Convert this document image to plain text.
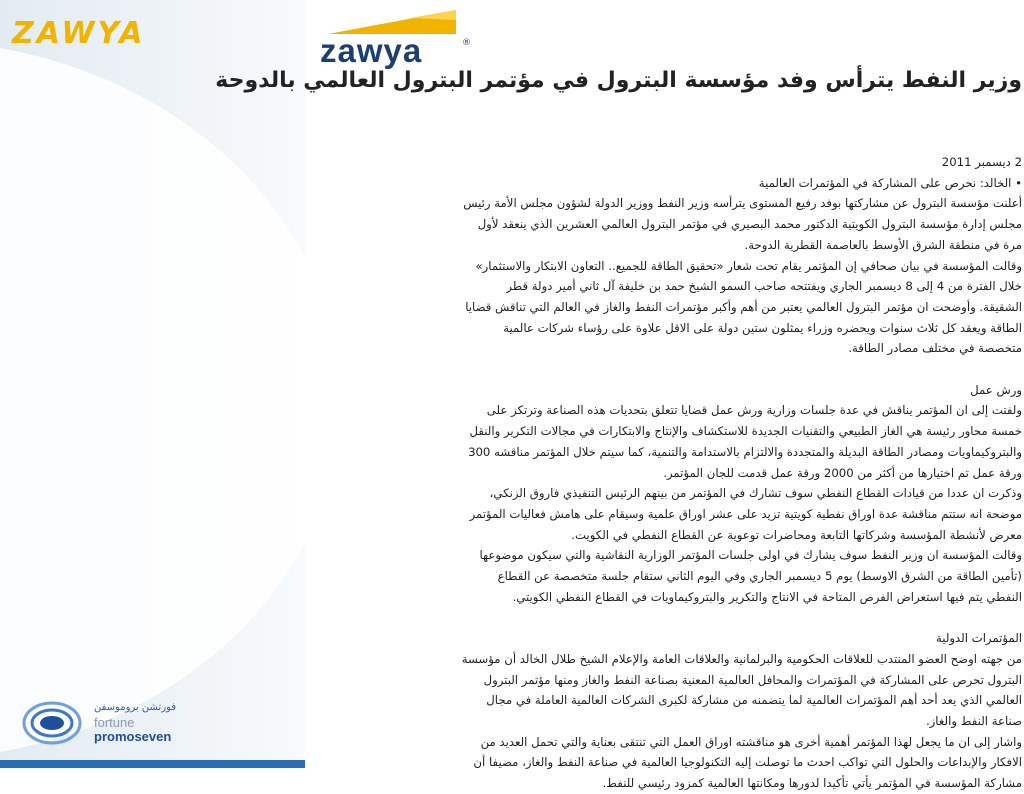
ZAWYA
فورتشن بروموسفن
fortune
promoseven
zawya	®
وزير النفط يترأس وفد مؤسسة البترول في مؤتمر البترول العالمي بالدوحة

2 ديسمبر 2011

• الخالد: نحرص على المشاركة في المؤتمرات العالمية

أعلنت مؤسسة البترول عن مشاركتها بوفد رفيع المستوى يترأسه وزير النفط ووزير الدولة لشؤون مجلس الأمة رئيس

مجلس إدارة مؤسسة البترول الكويتية الدكتور محمد البصيري في مؤتمر البترول العالمي العشرين الذي ينعقد لأول

مرة في منطقة الشرق الأوسط بالعاصمة القطرية الدوحة.

وقالت المؤسسة في بيان صحافي إن المؤتمر يقام تحت شعار «تحقيق الطاقة للجميع.. التعاون الابتكار والاستثمار»

خلال الفترة من 4 إلى 8 ديسمبر الجاري ويفتتحه صاحب السمو الشيخ حمد بن خليفة آل ثاني أمير دولة قطر

الشقيقة. وأوضحت ان مؤتمر البترول العالمي يعتبر من أهم وأكبر مؤتمرات النفط والغاز في العالم التي تناقش قضايا

الطاقة ويعقد كل ثلاث سنوات ويحضره وزراء يمثلون ستين دولة على الاقل علاوة على رؤساء شركات عالمية

متخصصة في مختلف مصادر الطاقة.

ورش عمل

ولفتت إلى ان المؤتمر يناقش في عدة جلسات وزارية ورش عمل قضايا تتعلق بتحديات هذه الصناعة وترتكز على

خمسة محاور رئيسة هي الغاز الطبيعي والتقنيات الجديدة للاستكشاف والإنتاج والابتكارات في مجالات التكرير والنقل

والبتروكيماويات ومصادر الطاقة البديلة والمتجددة والالتزام بالاستدامة والتنمية، كما سيتم خلال المؤتمر مناقشه 300

ورقة عمل تم اختيارها من أكثر من 2000 ورقة عمل قدمت للجان المؤتمر.

وذكرت ان عددا من قيادات القطاع النفطي سوف تشارك في المؤتمر من بينهم الرئيس التنفيذي فاروق الزنكي،

موضحة انه ستتم مناقشة عدة اوراق نفطية كويتية تزيد على عشر اوراق علمية وسيقام على هامش فعاليات المؤتمر

معرض لأنشطة المؤسسة وشركاتها التابعة ومحاضرات توعوية عن القطاع النفطي في الكويت.

وقالت المؤسسة ان وزير النفط سوف يشارك في اولى جلسات المؤتمر الوزارية النقاشية والتي سيكون موضوعها

(تأمين الطاقة من الشرق الاوسط) يوم 5 ديسمبر الجاري وفي اليوم الثاني ستقام جلسة متخصصة عن القطاع

النفطي يتم فيها استعراض الفرص المتاحة في الانتاج والتكرير والبتروكيماويات في القطاع النفطي الكويتي.

المؤتمرات الدولية

من جهته اوضح العضو المنتدب للعلاقات الحكومية والبرلمانية والعلاقات العامة والإعلام الشيخ طلال الخالد أن مؤسسة

البترول تحرص على المشاركة في المؤتمرات والمحافل العالمية المعنية بصناعة النفط والغاز ومنها مؤتمر البترول

العالمي الذي يعد أحد أهم المؤتمرات العالمية لما يتضمنه من مشاركة لكبرى الشركات العالمية العاملة في مجال

صناعة النفط والغاز.

واشار إلى ان ما يجعل لهذا المؤتمر أهمية أخرى هو مناقشته اوراق العمل التي تنتقى بعناية والتي تحمل العديد من

الافكار والإبداعات والحلول التي تواكب احدث ما توصلت إليه التكنولوجيا العالمية في صناعة النفط والغاز، مضيفا أن

مشاركة المؤسسة في المؤتمر يأتي تأكيدا لدورها ومكانتها العالمية كمزود رئيسي للنفط.
